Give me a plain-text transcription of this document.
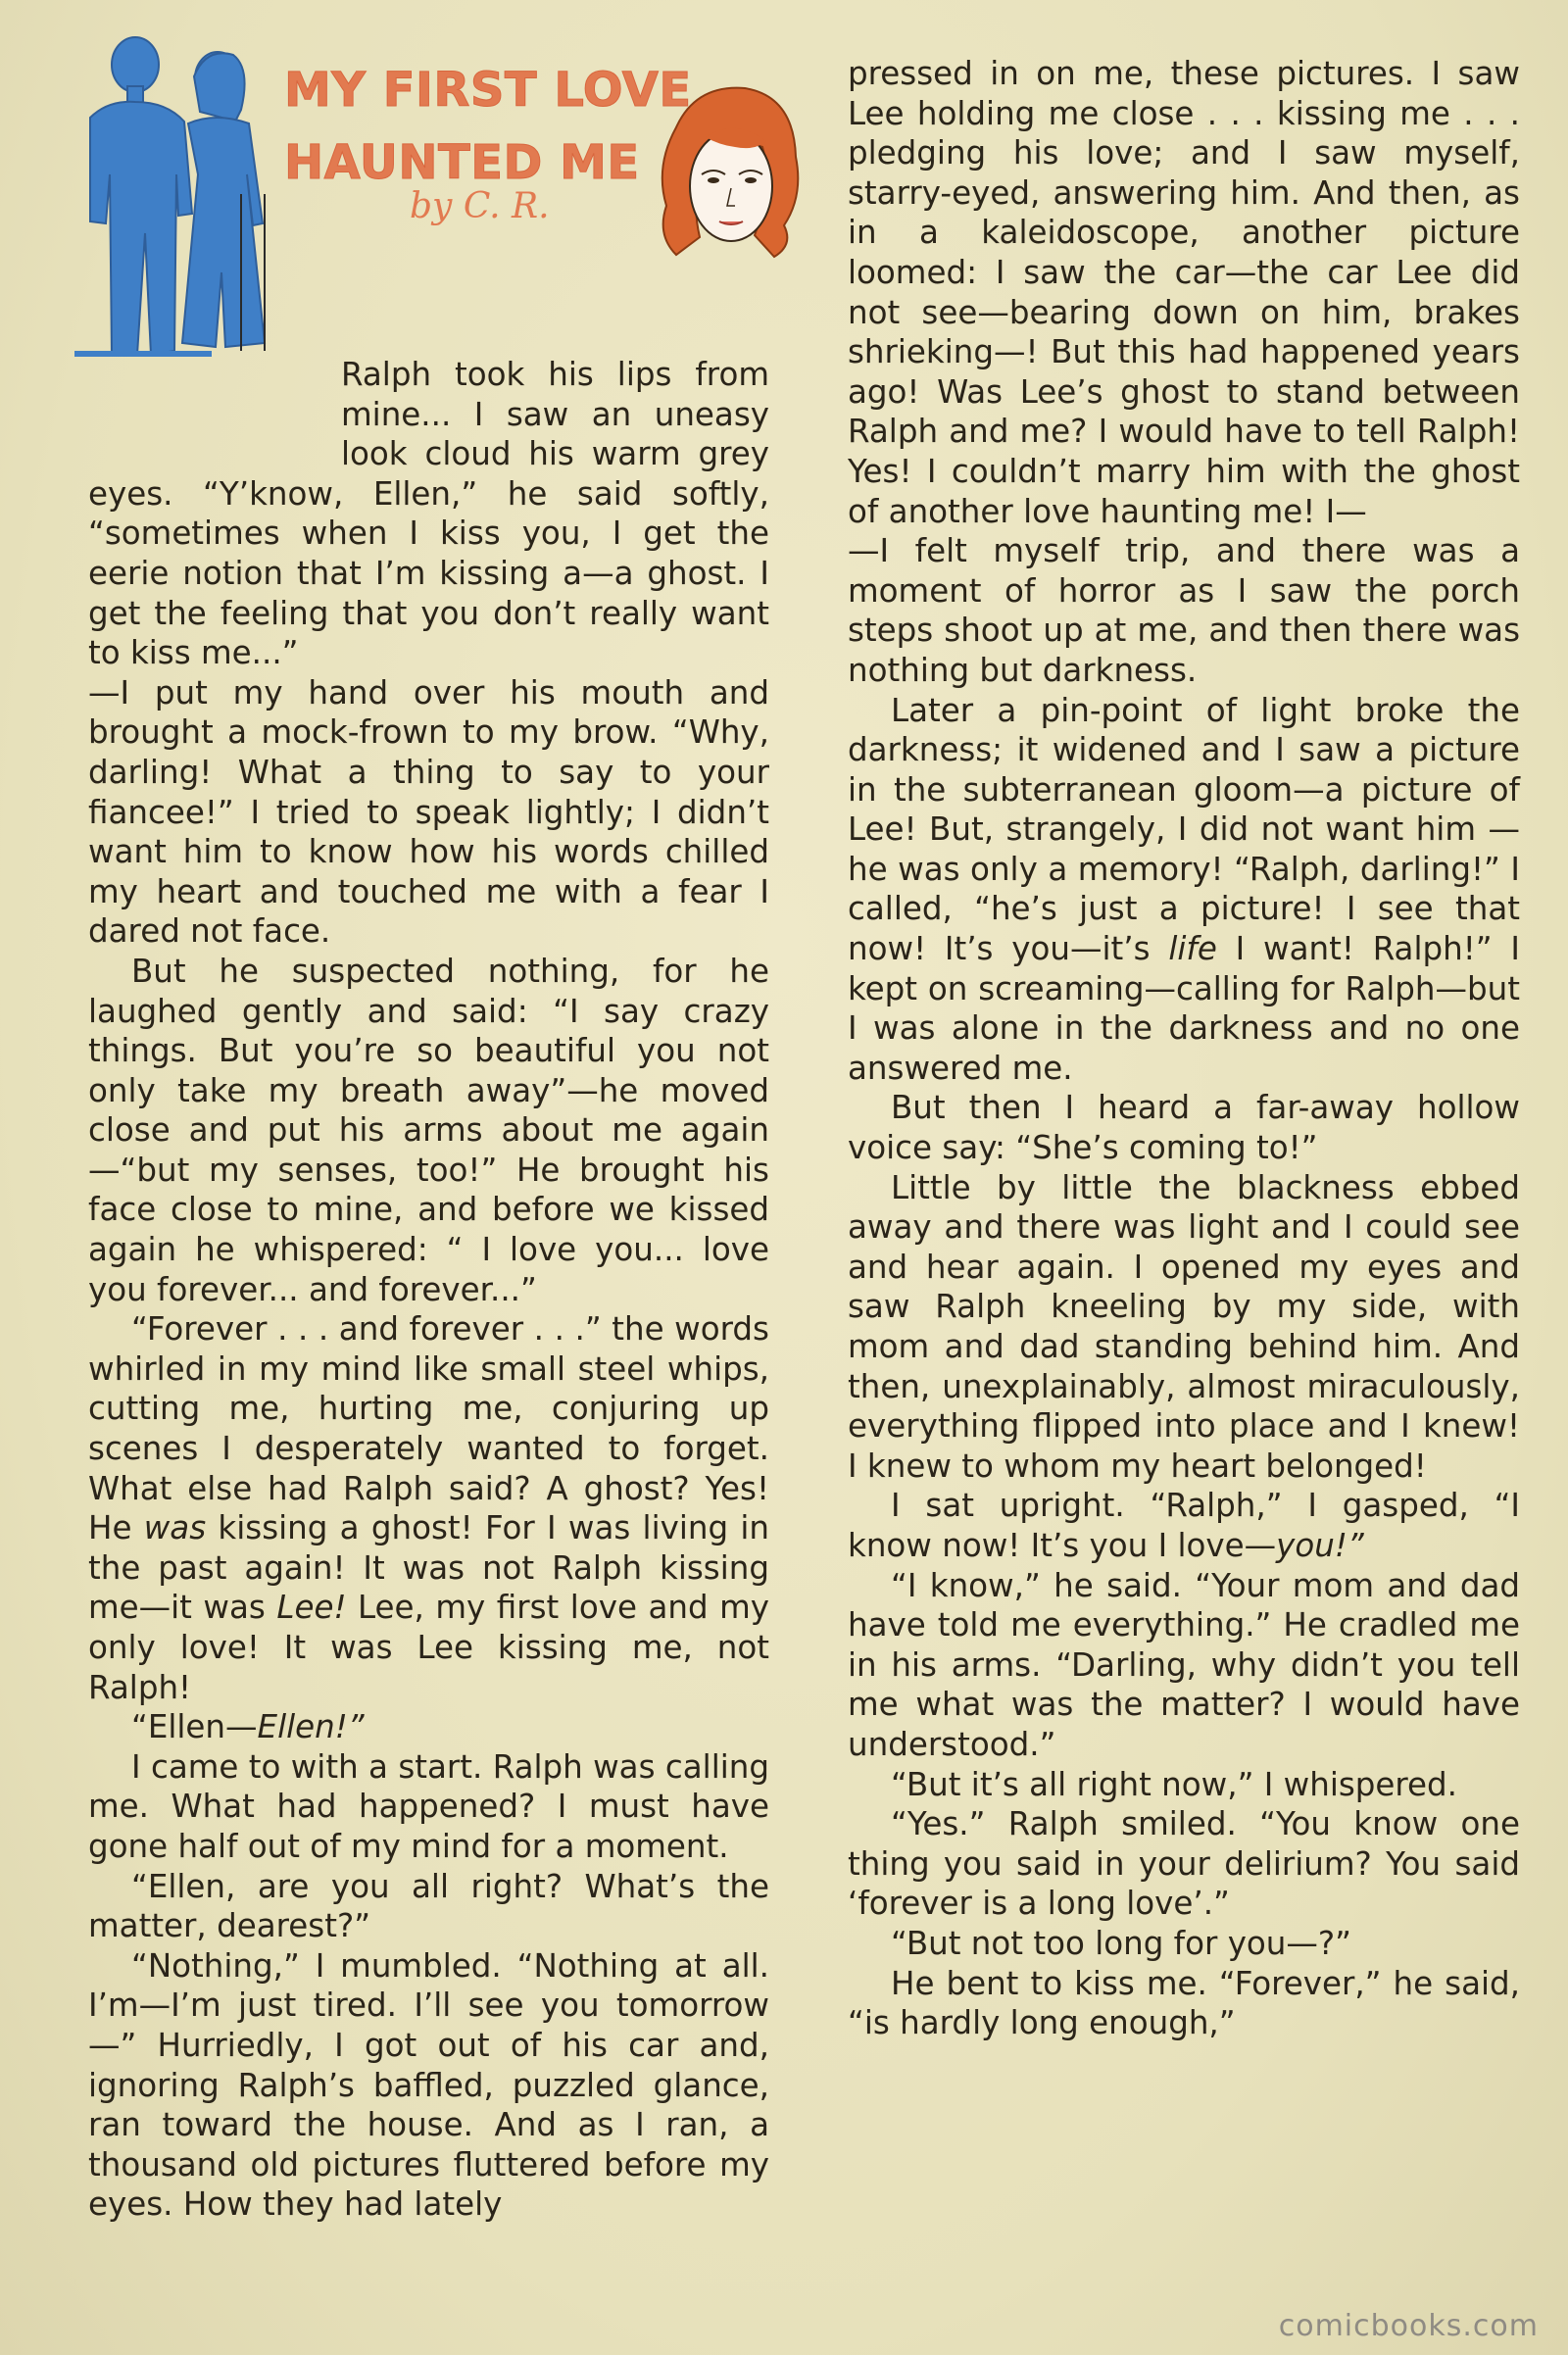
MY FIRST LOVE
HAUNTED ME
by C. R.

Ralph took his lips from mine... I saw an uneasy look cloud his warm grey eyes. “Y’know, Ellen,” he said softly, “sometimes when I kiss you, I get the eerie notion that I’m kissing a—a ghost. I get the feeling that you don’t really want to kiss me...”

—I put my hand over his mouth and brought a mock-frown to my brow. “Why, darling! What a thing to say to your fiancee!” I tried to speak lightly; I didn’t want him to know how his words chilled my heart and touched me with a fear I dared not face.

But he suspected nothing, for he laughed gently and said: “I say crazy things. But you’re so beautiful you not only take my breath away”—he moved close and put his arms about me again —“but my senses, too!” He brought his face close to mine, and before we kissed again he whispered: “ I love you... love you forever... and forever...”

“Forever . . . and forever . . .” the words whirled in my mind like small steel whips, cutting me, hurting me, conjuring up scenes I desperately wanted to forget. What else had Ralph said? A ghost? Yes! He was kissing a ghost! For I was living in the past again! It was not Ralph kissing me—it was Lee! Lee, my first love and my only love! It was Lee kissing me, not Ralph!

“Ellen—Ellen!”

I came to with a start. Ralph was calling me. What had happened? I must have gone half out of my mind for a moment.

“Ellen, are you all right? What’s the matter, dearest?”

“Nothing,” I mumbled. “Nothing at all. I’m—I’m just tired. I’ll see you tomorrow—” Hurriedly, I got out of his car and, ignoring Ralph’s baffled, puzzled glance, ran toward the house. And as I ran, a thousand old pictures fluttered before my eyes. How they had lately

pressed in on me, these pictures. I saw Lee holding me close . . . kissing me . . . pledging his love; and I saw myself, starry-eyed, answering him. And then, as in a kaleidoscope, another picture loomed: I saw the car—the car Lee did not see—bearing down on him, brakes shrieking—! But this had happened years ago! Was Lee’s ghost to stand between Ralph and me? I would have to tell Ralph! Yes! I couldn’t marry him with the ghost of another love haunting me! I—

—I felt myself trip, and there was a moment of horror as I saw the porch steps shoot up at me, and then there was nothing but darkness.

Later a pin-point of light broke the darkness; it widened and I saw a picture in the subterranean gloom—a picture of Lee! But, strangely, I did not want him —he was only a memory! “Ralph, darling!” I called, “he’s just a picture! I see that now! It’s you—it’s life I want! Ralph!” I kept on screaming—calling for Ralph—but I was alone in the darkness and no one answered me.

But then I heard a far-away hollow voice say: “She’s coming to!”

Little by little the blackness ebbed away and there was light and I could see and hear again. I opened my eyes and saw Ralph kneeling by my side, with mom and dad standing behind him. And then, unexplainably, almost miraculously, everything flipped into place and I knew! I knew to whom my heart belonged!

I sat upright. “Ralph,” I gasped, “I know now! It’s you I love—you!”

“I know,” he said. “Your mom and dad have told me everything.” He cradled me in his arms. “Darling, why didn’t you tell me what was the matter? I would have understood.”

“But it’s all right now,” I whispered.

“Yes.” Ralph smiled. “You know one thing you said in your delirium? You said ‘forever is a long love’.”

“But not too long for you—?”

He bent to kiss me. “Forever,” he said, “is hardly long enough,”

comicbooks.com
